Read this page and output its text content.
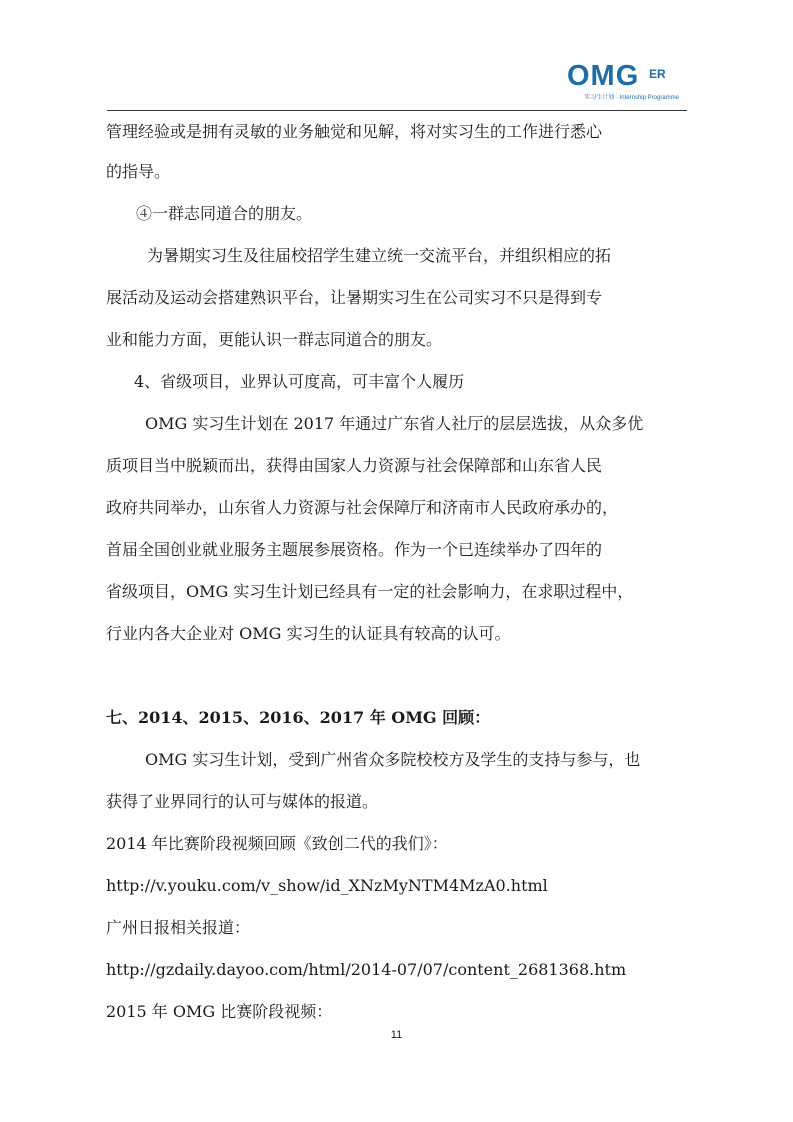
OMG ER
实习生计划 · Internship Programme
管理经验或是拥有灵敏的业务触觉和见解，将对实习生的工作进行悉心
的指导。
④一群志同道合的朋友。
为暑期实习生及往届校招学生建立统一交流平台，并组织相应的拓
展活动及运动会搭建熟识平台，让暑期实习生在公司实习不只是得到专
业和能力方面，更能认识一群志同道合的朋友。
4、省级项目，业界认可度高，可丰富个人履历
OMG 实习生计划在 2017 年通过广东省人社厅的层层选拔，从众多优
质项目当中脱颖而出，获得由国家人力资源与社会保障部和山东省人民
政府共同举办，山东省人力资源与社会保障厅和济南市人民政府承办的，
首届全国创业就业服务主题展参展资格。作为一个已连续举办了四年的
省级项目，OMG 实习生计划已经具有一定的社会影响力，在求职过程中，
行业内各大企业对 OMG 实习生的认证具有较高的认可。
七、2014、2015、2016、2017 年 OMG 回顾：
OMG 实习生计划，受到广州省众多院校校方及学生的支持与参与，也
获得了业界同行的认可与媒体的报道。
2014 年比赛阶段视频回顾《致创二代的我们》：
http://v.youku.com/v_show/id_XNzMyNTM4MzA0.html
广州日报相关报道：
http://gzdaily.dayoo.com/html/2014-07/07/content_2681368.htm
2015 年 OMG 比赛阶段视频：
11
